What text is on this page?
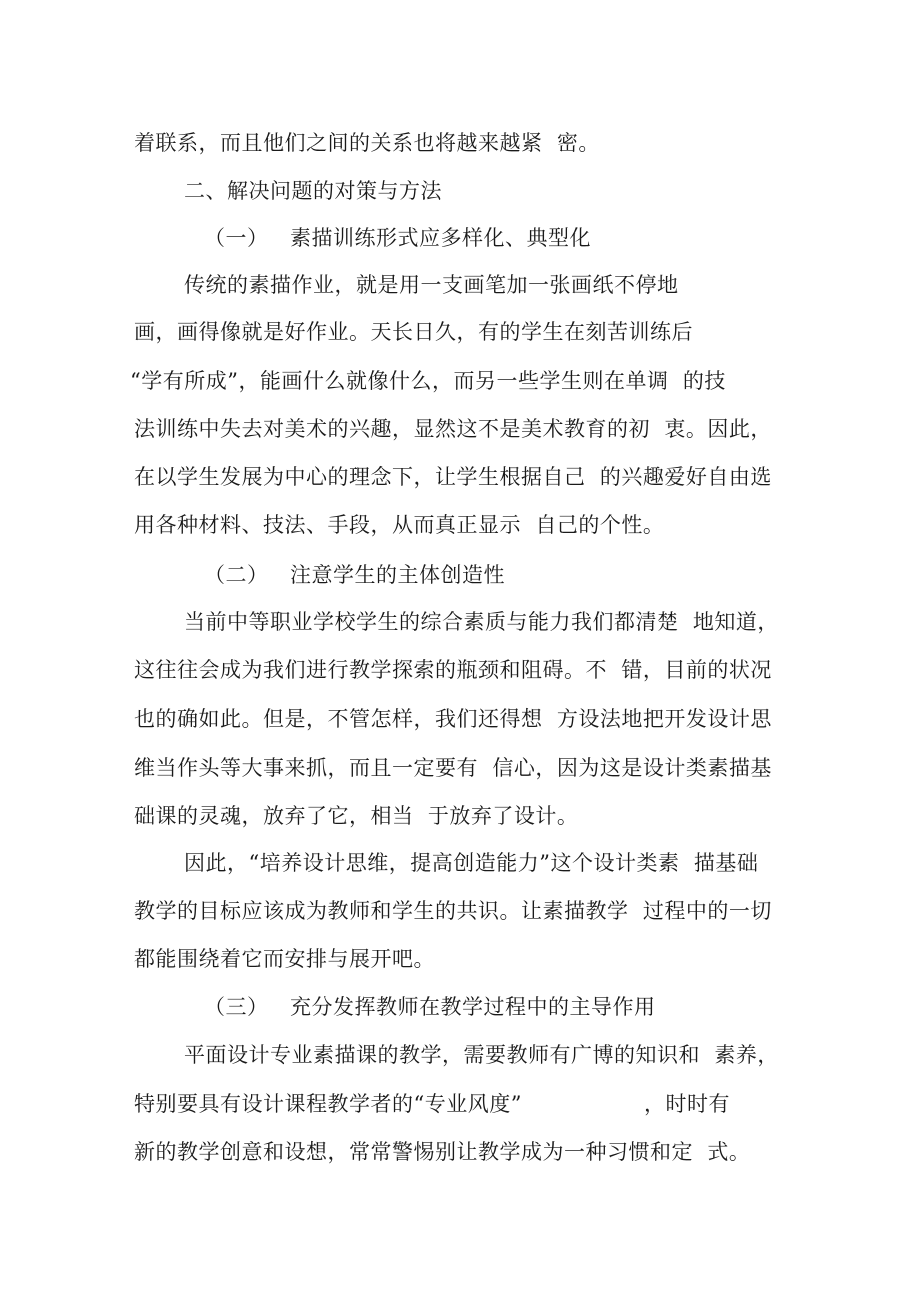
着联系，而且他们之间的关系也将越来越紧  密。

二、解决问题的对策与方法

（一）   素描训练形式应多样化、典型化

传统的素描作业，就是用一支画笔加一张画纸不停地

画，画得像就是好作业。天长日久，有的学生在刻苦训练后

“学有所成”，能画什么就像什么，而另一些学生则在单调  的技

法训练中失去对美术的兴趣，显然这不是美术教育的初  衷。因此，

在以学生发展为中心的理念下，让学生根据自己  的兴趣爱好自由选

用各种材料、技法、手段，从而真正显示  自己的个性。

（二）   注意学生的主体创造性

当前中等职业学校学生的综合素质与能力我们都清楚  地知道，

这往往会成为我们进行教学探索的瓶颈和阻碍。不  错，目前的状况

也的确如此。但是，不管怎样，我们还得想  方设法地把开发设计思

维当作头等大事来抓，而且一定要有  信心，因为这是设计类素描基

础课的灵魂，放弃了它，相当  于放弃了设计。

因此，“培养设计思维，提高创造能力”这个设计类素  描基础

教学的目标应该成为教师和学生的共识。让素描教学  过程中的一切

都能围绕着它而安排与展开吧。

（三）   充分发挥教师在教学过程中的主导作用

平面设计专业素描课的教学，需要教师有广博的知识和  素养，

特别要具有设计课程教学者的“专业风度”                 ，时时有

新的教学创意和设想，常常警惕别让教学成为一种习惯和定  式。
